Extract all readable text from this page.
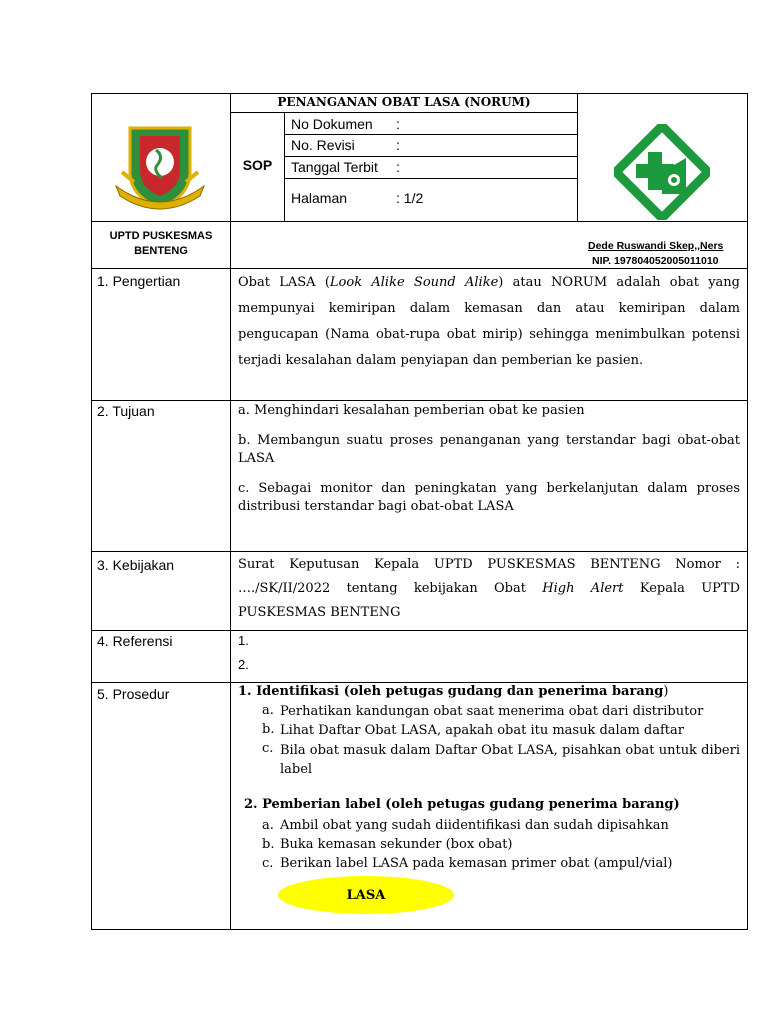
PENANGANAN OBAT LASA (NORUM)
SOP
No Dokumen :
No. Revisi	:
Tanggal Terbit :
Halaman	: 1/2
UPTD PUSKESMAS
BENTENG	Dede Ruswandi Skep,,Ners
NIP. 197804052005011010
1. Pengertian	Obat LASA (Look Alike Sound Alike) atau NORUM adalah obat yang mempunyai kemiripan dalam kemasan dan atau kemiripan dalam pengucapan (Nama obat-rupa obat mirip) sehingga menimbulkan potensi terjadi kesalahan dalam penyiapan dan pemberian ke pasien.
2. Tujuan	a. Menghindari kesalahan pemberian obat ke pasien
b. Membangun suatu proses penanganan yang terstandar bagi obat-obat LASA
c. Sebagai monitor dan peningkatan yang berkelanjutan dalam proses distribusi terstandar bagi obat-obat LASA
3. Kebijakan	Surat Keputusan Kepala UPTD PUSKESMAS BENTENG Nomor : …./SK/II/2022 tentang kebijakan Obat High Alert Kepala UPTD PUSKESMAS BENTENG
4. Referensi	1.
2.
5. Prosedur	1. Identifikasi (oleh petugas gudang dan penerima barang)
a. Perhatikan kandungan obat saat menerima obat dari distributor
b. Lihat Daftar Obat LASA, apakah obat itu masuk dalam daftar
c. Bila obat masuk dalam Daftar Obat LASA, pisahkan obat untuk diberi label
2. Pemberian label (oleh petugas gudang penerima barang)
a. Ambil obat yang sudah diidentifikasi dan sudah dipisahkan
b. Buka kemasan sekunder (box obat)
c. Berikan label LASA pada kemasan primer obat (ampul/vial)
LASA
